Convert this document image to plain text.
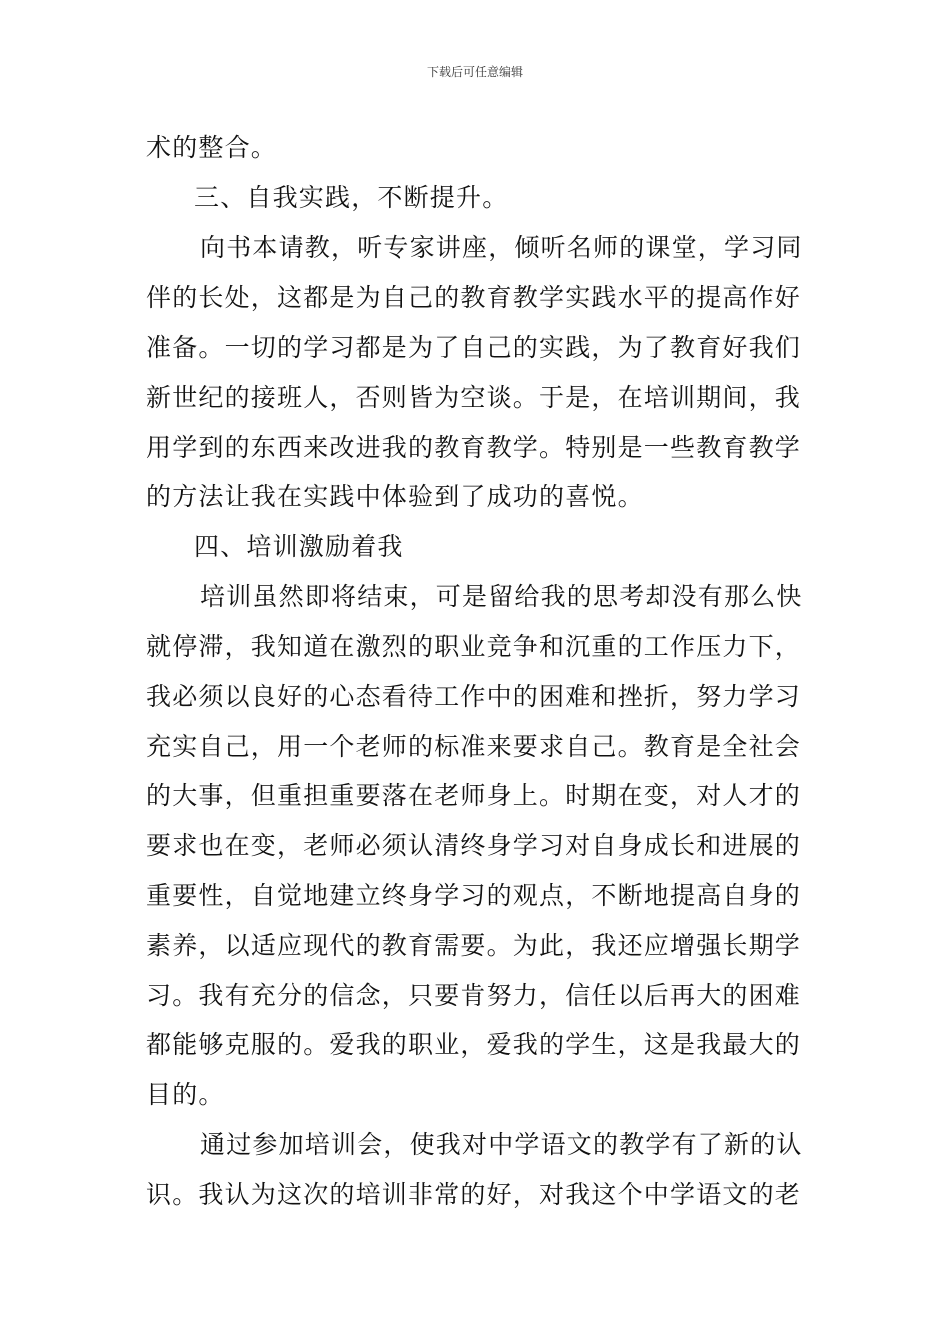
下载后可任意编辑
术的整合。
三、自我实践，不断提升。
向书本请教，听专家讲座，倾听名师的课堂，学习同
伴的长处，这都是为自己的教育教学实践水平的提高作好
准备。一切的学习都是为了自己的实践，为了教育好我们
新世纪的接班人，否则皆为空谈。于是，在培训期间，我
用学到的东西来改进我的教育教学。特别是一些教育教学
的方法让我在实践中体验到了成功的喜悦。
四、培训激励着我
培训虽然即将结束，可是留给我的思考却没有那么快
就停滞，我知道在激烈的职业竞争和沉重的工作压力下，
我必须以良好的心态看待工作中的困难和挫折，努力学习
充实自己，用一个老师的标准来要求自己。教育是全社会
的大事，但重担重要落在老师身上。时期在变，对人才的
要求也在变，老师必须认清终身学习对自身成长和进展的
重要性，自觉地建立终身学习的观点，不断地提高自身的
素养，以适应现代的教育需要。为此，我还应增强长期学
习。我有充分的信念，只要肯努力，信任以后再大的困难
都能够克服的。爱我的职业，爱我的学生，这是我最大的
目的。
通过参加培训会，使我对中学语文的教学有了新的认
识。我认为这次的培训非常的好，对我这个中学语文的老
